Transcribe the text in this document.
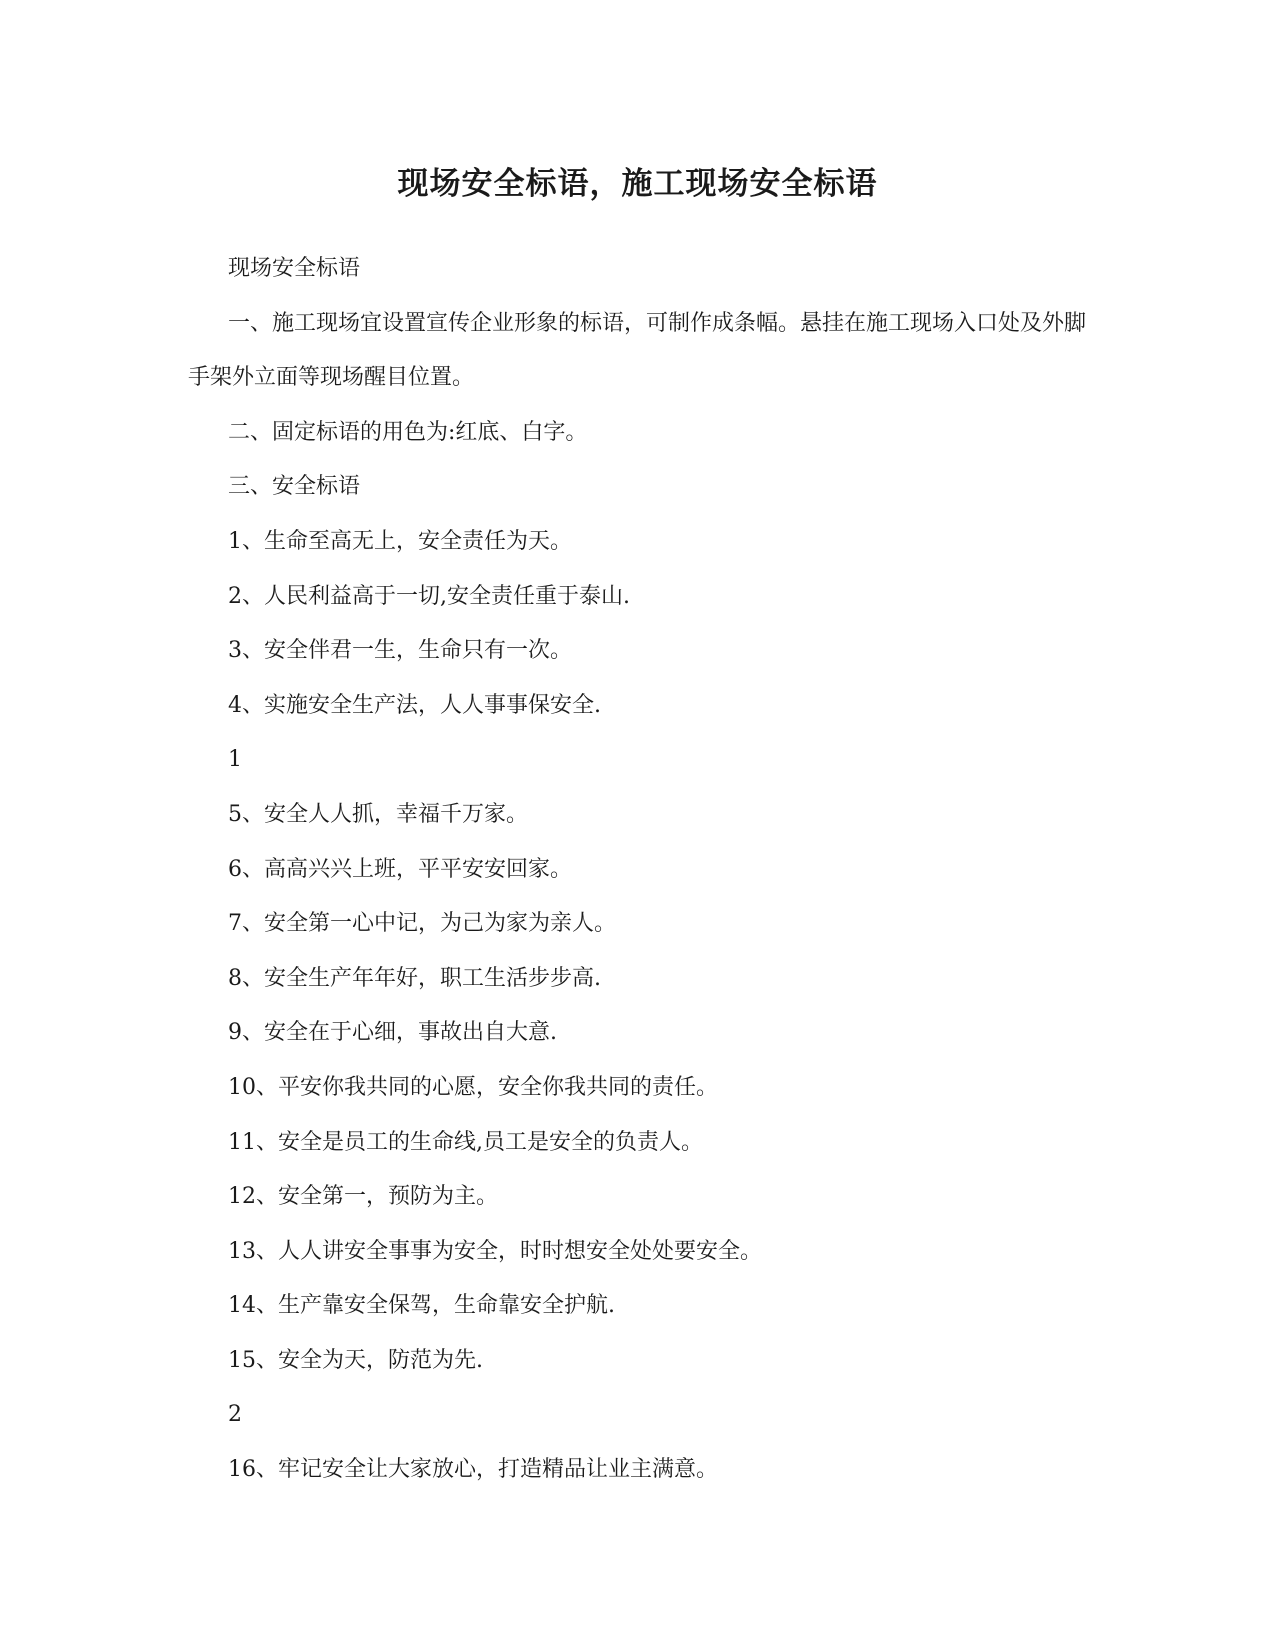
现场安全标语，施工现场安全标语

现场安全标语

一、施工现场宜设置宣传企业形象的标语，可制作成条幅。悬挂在施工现场入口处及外脚手架外立面等现场醒目位置。

二、固定标语的用色为:红底、白字。

三、安全标语

1、生命至高无上，安全责任为天。

2、人民利益高于一切,安全责任重于泰山.

3、安全伴君一生，生命只有一次。

4、实施安全生产法，人人事事保安全.

1

5、安全人人抓，幸福千万家。

6、高高兴兴上班，平平安安回家。

7、安全第一心中记，为己为家为亲人。

8、安全生产年年好，职工生活步步高.

9、安全在于心细，事故出自大意.

10、平安你我共同的心愿，安全你我共同的责任。

11、安全是员工的生命线,员工是安全的负责人。

12、安全第一，预防为主。

13、人人讲安全事事为安全，时时想安全处处要安全。

14、生产靠安全保驾，生命靠安全护航.

15、安全为天，防范为先.

2

16、牢记安全让大家放心，打造精品让业主满意。
